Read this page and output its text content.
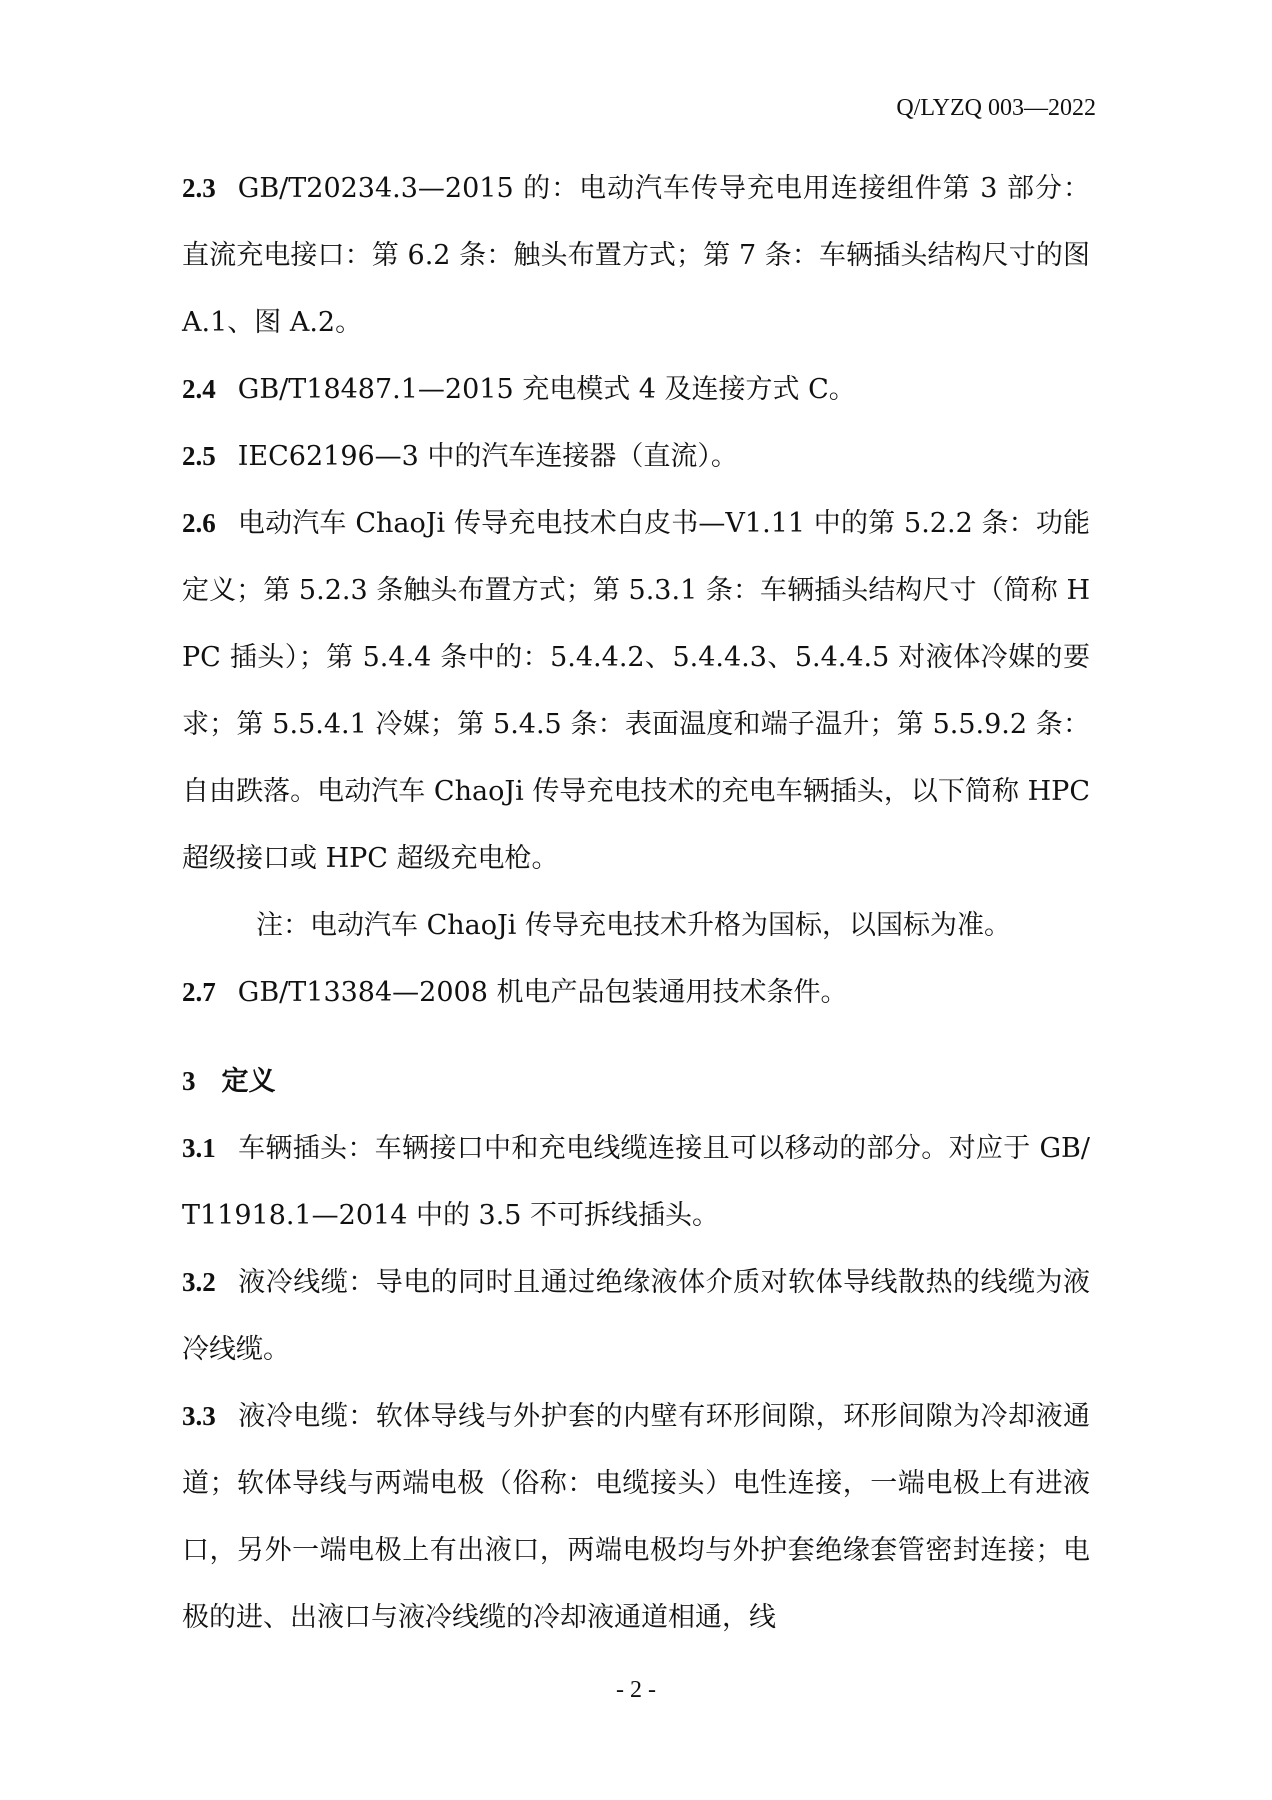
Q/LYZQ 003—2022

2.3 GB/T20234.3—2015 的：电动汽车传导充电用连接组件第 3 部分：直流充电接口：第 6.2 条：触头布置方式；第 7 条：车辆插头结构尺寸的图 A.1、图 A.2。

2.4 GB/T18487.1—2015 充电模式 4 及连接方式 C。

2.5 IEC62196—3 中的汽车连接器（直流）。

2.6 电动汽车 ChaoJi 传导充电技术白皮书—V1.11 中的第 5.2.2 条：功能定义；第 5.2.3 条触头布置方式；第 5.3.1 条：车辆插头结构尺寸（简称 HPC 插头）；第 5.4.4 条中的：5.4.4.2、5.4.4.3、5.4.4.5 对液体冷媒的要求；第 5.5.4.1 冷媒；第 5.4.5 条：表面温度和端子温升；第 5.5.9.2 条：自由跌落。电动汽车 ChaoJi 传导充电技术的充电车辆插头，以下简称 HPC 超级接口或 HPC 超级充电枪。

注：电动汽车 ChaoJi 传导充电技术升格为国标，以国标为准。

2.7 GB/T13384—2008 机电产品包装通用技术条件。

3 定义

3.1 车辆插头：车辆接口中和充电线缆连接且可以移动的部分。对应于 GB/T11918.1—2014 中的 3.5 不可拆线插头。

3.2 液冷线缆：导电的同时且通过绝缘液体介质对软体导线散热的线缆为液冷线缆。

3.3 液冷电缆：软体导线与外护套的内壁有环形间隙，环形间隙为冷却液通道；软体导线与两端电极（俗称：电缆接头）电性连接，一端电极上有进液口，另外一端电极上有出液口，两端电极均与外护套绝缘套管密封连接；电极的进、出液口与液冷线缆的冷却液通道相通，线

- 2 -
